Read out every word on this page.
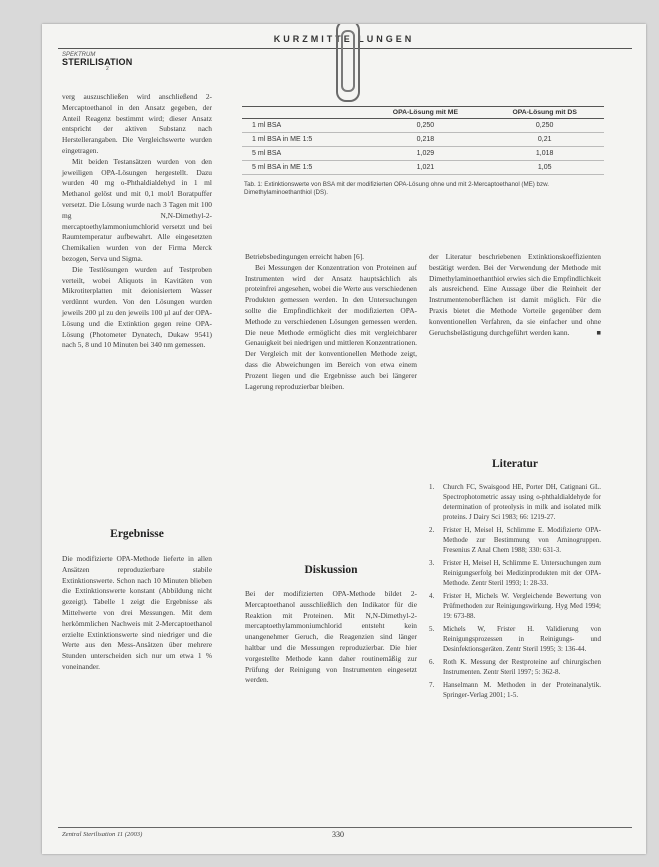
KURZMITTEILUNGEN
SPEKTRUM
STERILISATION
2

verg auszuschließen wird anschließend 2-Mercaptoethanol in den Ansatz gegeben, der Anteil Reagenz bestimmt wird; dieser Ansatz entspricht der aktiven Substanz nach Herstellerangaben. Die Vergleichswerte wurden eingetragen.

Mit beiden Testansätzen wurden von den jeweiligen OPA-Lösungen hergestellt. Dazu wurden 40 mg o-Phthaldialdehyd in 1 ml Methanol gelöst und mit 0,1 mol/l Boratpuffer versetzt. Die Lösung wurde nach 3 Tagen mit 100 mg N,N-Dimethyl-2-mercaptoethylammoniumchlorid versetzt und bei Raumtemperatur aufbewahrt. Alle eingesetzten Chemikalien wurden von der Firma Merck bezogen, Serva und Sigma.

Die Testlösungen wurden auf Testproben verteilt, wobei Aliquots in Kavitäten von Mikrotiterplatten mit deionisiertem Wasser verdünnt wurden. Von den Lösungen wurden jeweils 200 µl zu den jeweils 100 µl auf der OPA-Lösung und die Extinktion gegen reine OPA-Lösung (Photometer Dynatech, Dukaw 9541) nach 5, 8 und 10 Minuten bei 340 nm gemessen.

Ergebnisse

Die modifizierte OPA-Methode lieferte in allen Ansätzen reproduzierbare stabile Extinktionswerte. Schon nach 10 Minuten blieben die Extinktionswerte konstant (Abbildung nicht gezeigt). Tabelle 1 zeigt die Ergebnisse als Mittelwerte von drei Messungen. Mit dem herkömmlichen Nachweis mit 2-Mercaptoethanol erzielte Extinktionswerte sind niedriger und die Werte aus den Mess-Ansätzen über mehrere Stunden unterscheiden sich nur um etwa 1 % voneinander.

	OPA-Lösung mit ME	OPA-Lösung mit DS
1 ml BSA	0,250	0,250
1 ml BSA in ME 1:5	0,218	0,21
5 ml BSA	1,029	1,018
5 ml BSA in ME 1:5	1,021	1,05
Tab. 1: Extinktionswerte von BSA mit der modifizierten OPA-Lösung ohne und mit 2-Mercaptoethanol (ME) bzw. Dimethylaminoethanthiol (DS).

Betriebsbedingungen erreicht haben [6].

Bei Messungen der Konzentration von Proteinen auf Instrumenten wird der Ansatz hauptsächlich als proteinfrei angesehen, wobei die Werte aus verschiedenen Produkten gemessen werden. In den Untersuchungen sollte die Empfindlichkeit der modifizierten OPA-Methode zu verschiedenen Lösungen gemessen werden. Die neue Methode ermöglicht dies mit vergleichbarer Genauigkeit bei niedrigen und mittleren Konzentrationen. Der Vergleich mit der konventionellen Methode zeigt, dass die Abweichungen im Bereich von etwa einem Prozent liegen und die Ergebnisse auch bei längerer Lagerung reproduzierbar bleiben.

Diskussion

Bei der modifizierten OPA-Methode bildet 2-Mercaptoethanol ausschließlich den Indikator für die Reaktion mit Proteinen. Mit N,N-Dimethyl-2-mercaptoethylammoniumchlorid entsteht kein unangenehmer Geruch, die Reagenzien sind länger haltbar und die Messungen reproduzierbar. Die hier vorgestellte Methode kann daher routinemäßig zur Prüfung der Reinigung von Instrumenten eingesetzt werden.

der Literatur beschriebenen Extinktionskoeffizienten bestätigt werden. Bei der Verwendung der Methode mit Dimethylaminoethanthiol erwies sich die Empfindlichkeit als ausreichend. Eine Aussage über die Reinheit der Instrumentenoberflächen ist damit möglich. Für die Praxis bietet die Methode Vorteile gegenüber dem konventionellen Verfahren, da sie einfacher und ohne Geruchsbelästigung durchgeführt werden kann.	■

Literatur
1.	Church FC, Swaisgood HE, Porter DH, Catignani GL. Spectrophotometric assay using o-phthaldialdehyde for determination of proteolysis in milk and isolated milk proteins. J Dairy Sci 1983; 66: 1219-27.
2.	Frister H, Meisel H, Schlimme E. Modifizierte OPA-Methode zur Bestimmung von Aminogruppen. Fresenius Z Anal Chem 1988; 330: 631-3.
3.	Frister H, Meisel H, Schlimme E. Untersuchungen zum Reinigungserfolg bei Medizinprodukten mit der OPA-Methode. Zentr Steril 1993; 1: 28-33.
4.	Frister H, Michels W. Vergleichende Bewertung von Prüfmethoden zur Reinigungswirkung. Hyg Med 1994; 19: 673-88.
5.	Michels W, Frister H. Validierung von Reinigungsprozessen in Reinigungs- und Desinfektionsgeräten. Zentr Steril 1995; 3: 136-44.
6.	Roth K. Messung der Restproteine auf chirurgischen Instrumenten. Zentr Steril 1997; 5: 362-8.
7.	Hanselmann M. Methoden in der Proteinanalytik. Springer-Verlag 2001; 1-5.
Zentral Sterilisation 11 (2003)	330
